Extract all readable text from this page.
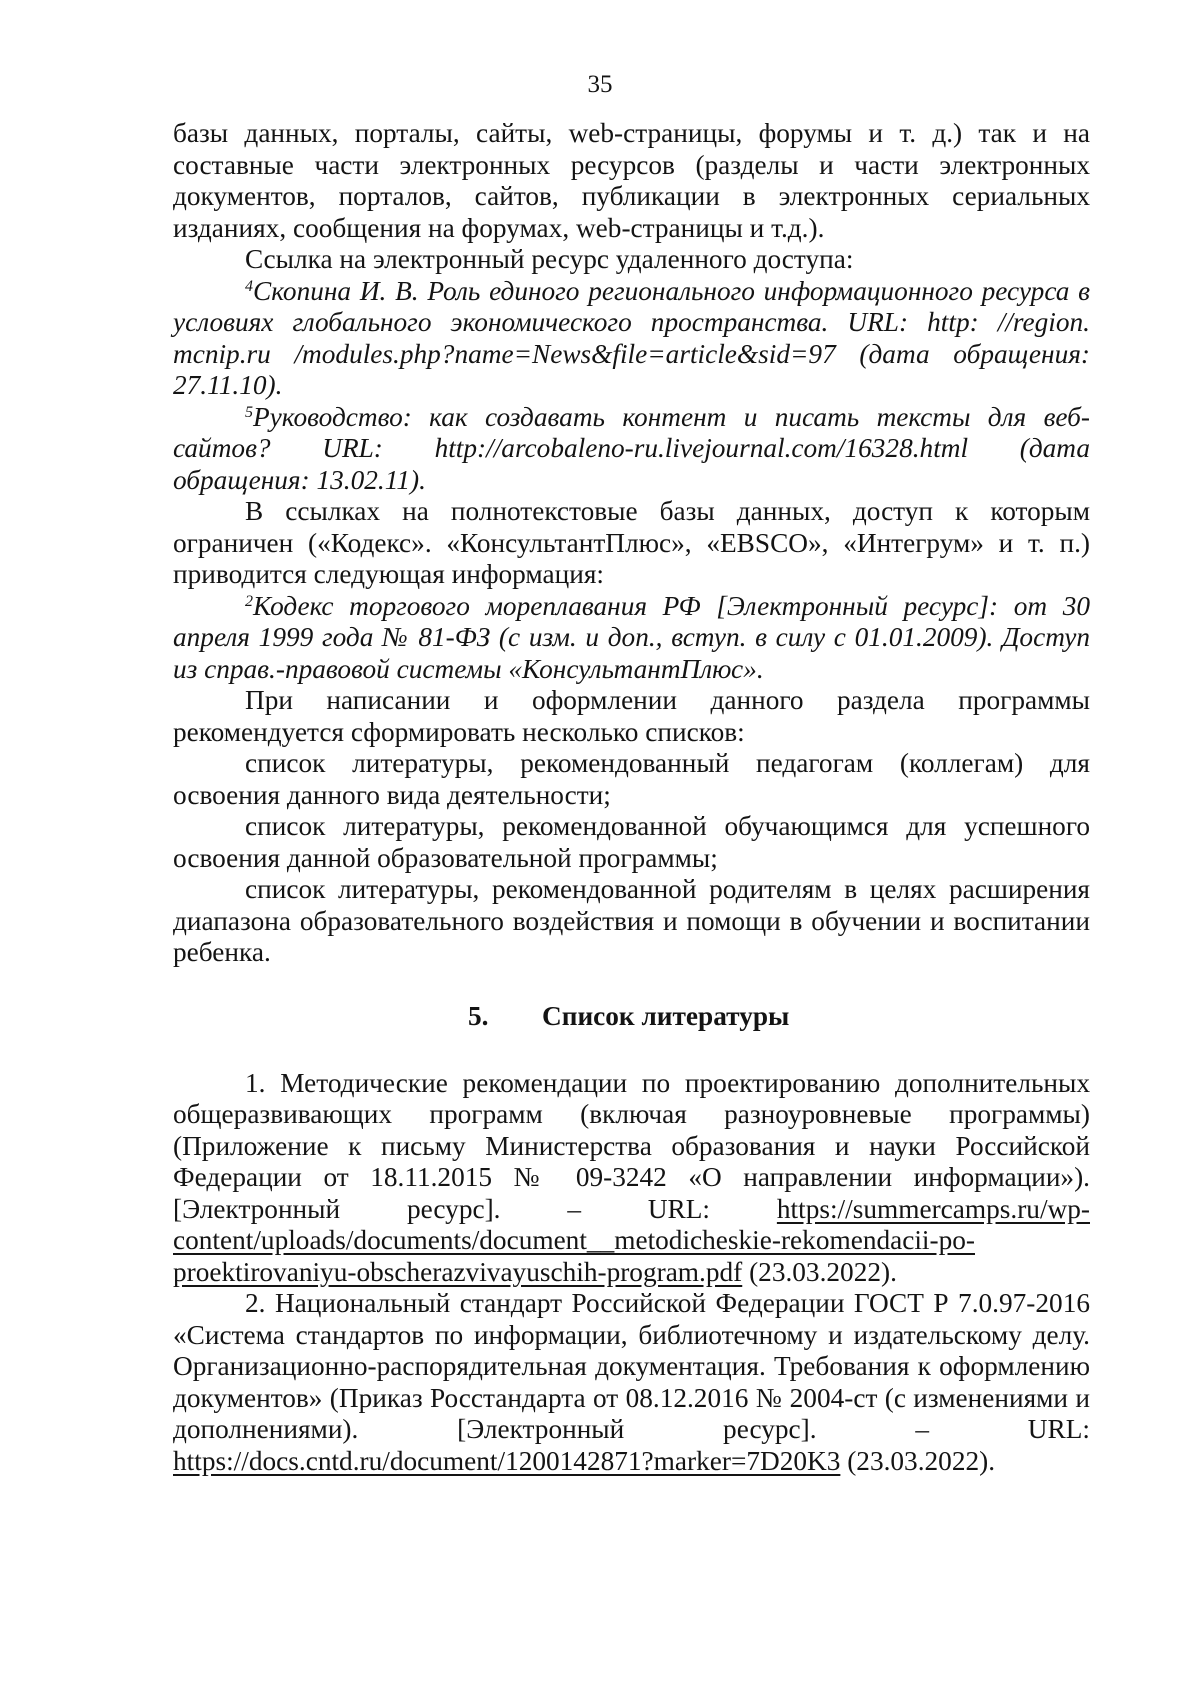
35

базы данных, порталы, сайты, web-страницы, форумы и т. д.) так и на составные части электронных ресурсов (разделы и части электронных документов, порталов, сайтов, публикации в электронных сериальных изданиях, сообщения на форумах, web-страницы и т.д.).

Ссылка на электронный ресурс удаленного доступа:

$^4$Скопина И. В. Роль единого регионального информационного ресурса в условиях глобального экономического пространства. URL: http: //region. mcnip.ru /modules.php?name=News&file=article&sid=97 (дата обращения: 27.11.10).

$^5$Руководство: как создавать контент и писать тексты для веб-сайтов? URL: http://arcobaleno-ru.livejournal.com/16328.html (дата обращения: 13.02.11).

В ссылках на полнотекстовые базы данных, доступ к которым ограничен («Кодекс». «КонсультантПлюс», «EBSCO», «Интегрум» и т. п.) приводится следующая информация:

$^2$Кодекс торгового мореплавания РФ [Электронный ресурс]: от 30 апреля 1999 года № 81-ФЗ (с изм. и доп., вступ. в силу с 01.01.2009). Доступ из справ.-правовой системы «КонсультантПлюс».

При написании и оформлении данного раздела программы рекомендуется сформировать несколько списков:

список литературы, рекомендованный педагогам (коллегам) для освоения данного вида деятельности;

список литературы, рекомендованной обучающимся для успешного освоения данной образовательной программы;

список литературы, рекомендованной родителям в целях расширения диапазона образовательного воздействия и помощи в обучении и воспитании ребенка.

5. Список литературы

1. Методические рекомендации по проектированию дополнительных общеразвивающих программ (включая разноуровневые программы) (Приложение к письму Министерства образования и науки Российской Федерации от 18.11.2015 № 09-3242 «О направлении информации»). [Электронный ресурс]. – URL: https://summercamps.ru/wp-content/uploads/documents/document__metodicheskie-rekomendacii-po-proektirovaniyu-obscherazvivayuschih-program.pdf (23.03.2022).

2. Национальный стандарт Российской Федерации ГОСТ Р 7.0.97-2016 «Система стандартов по информации, библиотечному и издательскому делу. Организационно-распорядительная документация. Требования к оформлению документов» (Приказ Росстандарта от 08.12.2016 № 2004-ст (с изменениями и дополнениями). [Электронный ресурс]. – URL: https://docs.cntd.ru/document/1200142871?marker=7D20K3 (23.03.2022).
